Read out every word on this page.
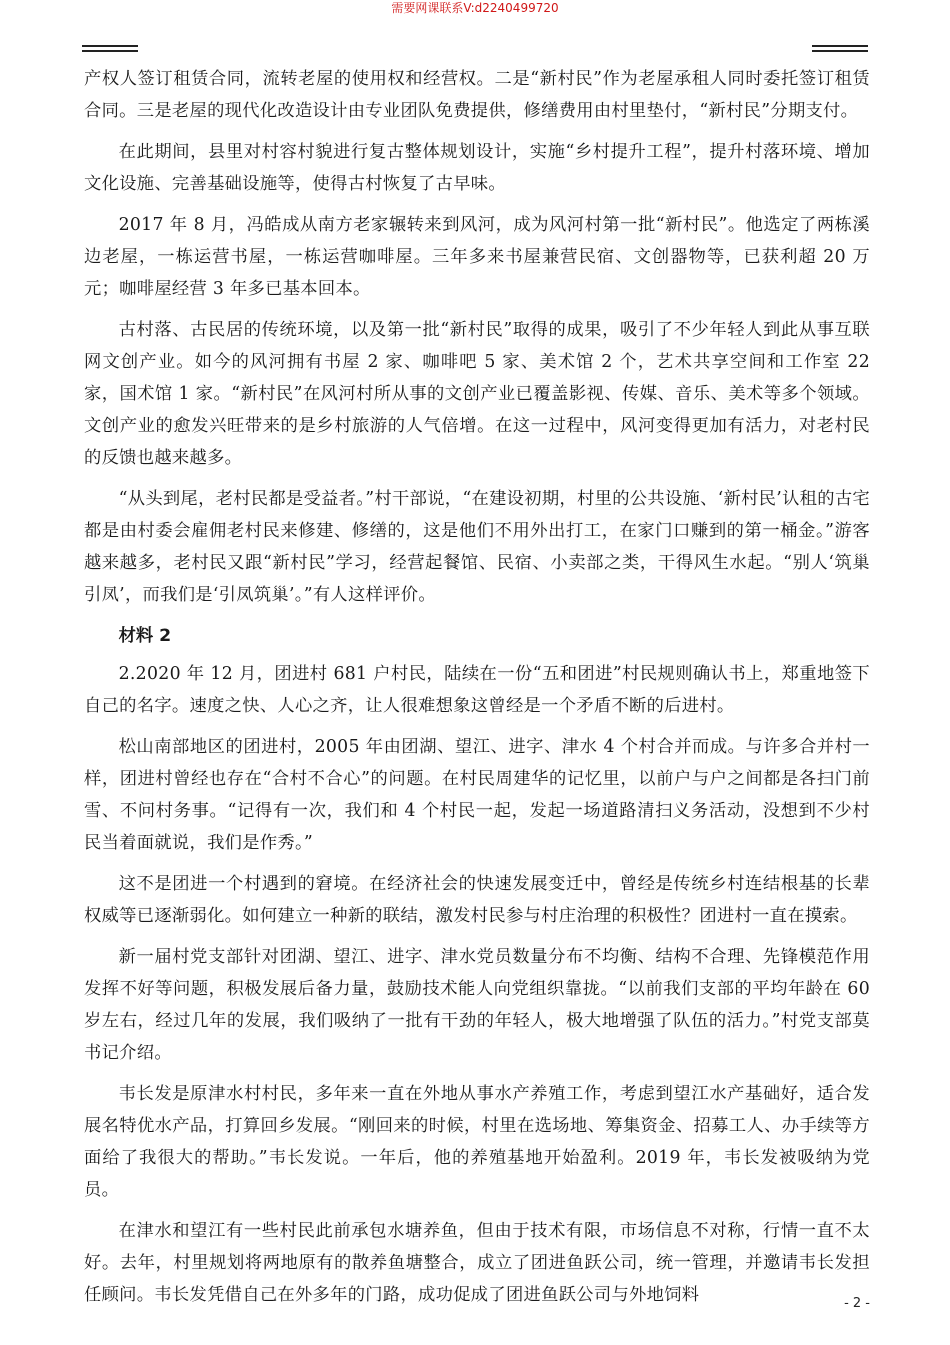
需要网课联系V:d2240499720

产权人签订租赁合同，流转老屋的使用权和经营权。二是“新村民”作为老屋承租人同时委托签订租赁合同。三是老屋的现代化改造设计由专业团队免费提供，修缮费用由村里垫付，“新村民”分期支付。

在此期间，县里对村容村貌进行复古整体规划设计，实施“乡村提升工程”，提升村落环境、增加文化设施、完善基础设施等，使得古村恢复了古早味。

2017 年 8 月，冯皓成从南方老家辗转来到风河，成为风河村第一批“新村民”。他选定了两栋溪边老屋，一栋运营书屋，一栋运营咖啡屋。三年多来书屋兼营民宿、文创器物等，已获利超 20 万元；咖啡屋经营 3 年多已基本回本。

古村落、古民居的传统环境，以及第一批“新村民”取得的成果，吸引了不少年轻人到此从事互联网文创产业。如今的风河拥有书屋 2 家、咖啡吧 5 家、美术馆 2 个，艺术共享空间和工作室 22 家，国术馆 1 家。“新村民”在风河村所从事的文创产业已覆盖影视、传媒、音乐、美术等多个领域。文创产业的愈发兴旺带来的是乡村旅游的人气倍增。在这一过程中，风河变得更加有活力，对老村民的反馈也越来越多。

“从头到尾，老村民都是受益者。”村干部说，“在建设初期，村里的公共设施、‘新村民’认租的古宅都是由村委会雇佣老村民来修建、修缮的，这是他们不用外出打工，在家门口赚到的第一桶金。”游客越来越多，老村民又跟“新村民”学习，经营起餐馆、民宿、小卖部之类，干得风生水起。“别人‘筑巢引凤’，而我们是‘引凤筑巢’。”有人这样评价。

材料 2

2.2020 年 12 月，团进村 681 户村民，陆续在一份“五和团进”村民规则确认书上，郑重地签下自己的名字。速度之快、人心之齐，让人很难想象这曾经是一个矛盾不断的后进村。

松山南部地区的团进村，2005 年由团湖、望江、进字、津水 4 个村合并而成。与许多合并村一样，团进村曾经也存在“合村不合心”的问题。在村民周建华的记忆里，以前户与户之间都是各扫门前雪、不问村务事。“记得有一次，我们和 4 个村民一起，发起一场道路清扫义务活动，没想到不少村民当着面就说，我们是作秀。”

这不是团进一个村遇到的窘境。在经济社会的快速发展变迁中，曾经是传统乡村连结根基的长辈权威等已逐渐弱化。如何建立一种新的联结，激发村民参与村庄治理的积极性？团进村一直在摸索。

新一届村党支部针对团湖、望江、进字、津水党员数量分布不均衡、结构不合理、先锋模范作用发挥不好等问题，积极发展后备力量，鼓励技术能人向党组织靠拢。“以前我们支部的平均年龄在 60 岁左右，经过几年的发展，我们吸纳了一批有干劲的年轻人，极大地增强了队伍的活力。”村党支部莫书记介绍。

韦长发是原津水村村民，多年来一直在外地从事水产养殖工作，考虑到望江水产基础好，适合发展名特优水产品，打算回乡发展。“刚回来的时候，村里在选场地、筹集资金、招募工人、办手续等方面给了我很大的帮助。”韦长发说。一年后，他的养殖基地开始盈利。2019 年，韦长发被吸纳为党员。

在津水和望江有一些村民此前承包水塘养鱼，但由于技术有限，市场信息不对称，行情一直不太好。去年，村里规划将两地原有的散养鱼塘整合，成立了团进鱼跃公司，统一管理，并邀请韦长发担任顾问。韦长发凭借自己在外多年的门路，成功促成了团进鱼跃公司与外地饲料	- 2 -
